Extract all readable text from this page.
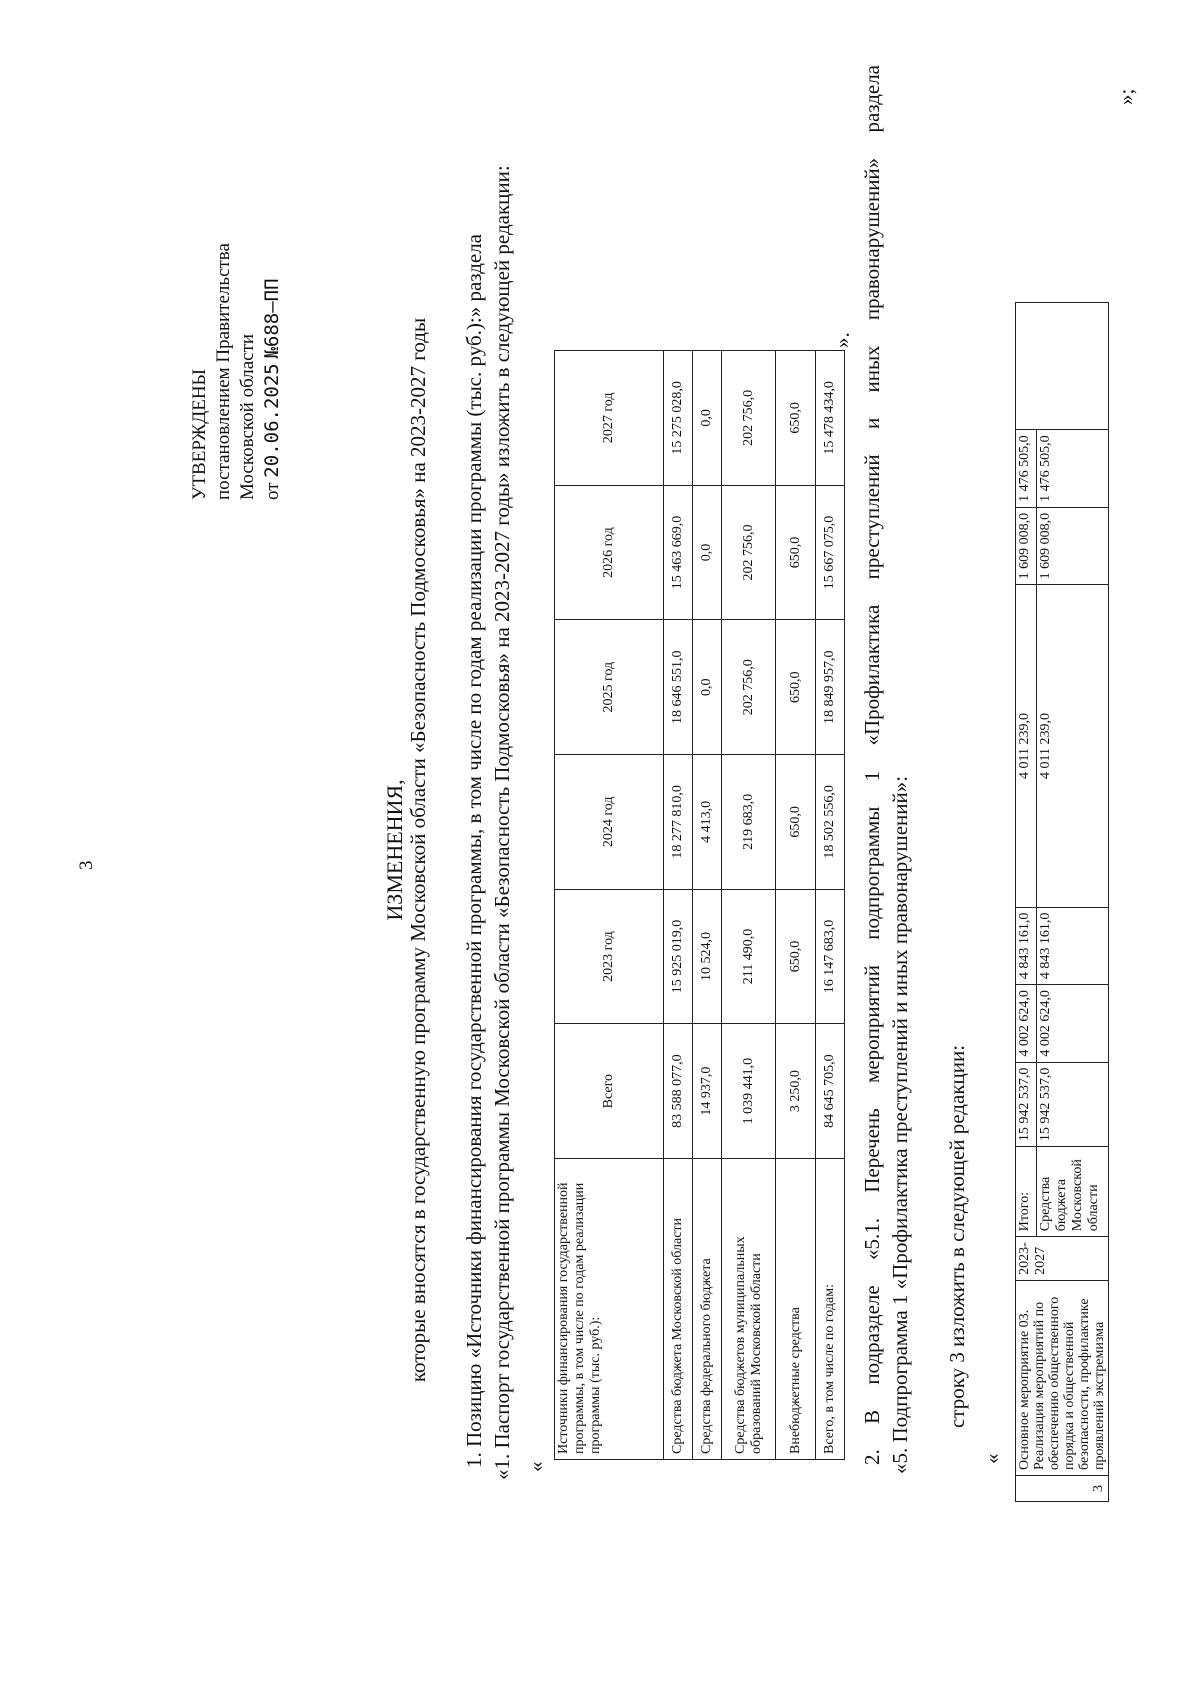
3
УТВЕРЖДЕНЫ постановлением Правительства Московской области от 20.06.2025 №688–ПП
ИЗМЕНЕНИЯ, которые вносятся в государственную программу Московской области «Безопасность Подмосковья» на 2023-2027 годы 1. Позицию «Источники финансирования государственной программы, в том числе по годам реализации программы (тыс. руб.):» раздела «1. Паспорт государственной программы Московской области «Безопасность Подмосковья» на 2023-2027 годы» изложить в следующей редакции: «
Источники финансирования государственной программы, в том числе по годам реализации программы (тыс. руб.):	Всего	2023 год	2024 год	2025 год	2026 год	2027 год
Средства бюджета Московской области	83 588 077,0	15 925 019,0	18 277 810,0	18 646 551,0	15 463 669,0	15 275 028,0
Средства федерального бюджета	14 937,0	10 524,0	4 413,0	0,0	0,0	0,0
Средства бюджетов муниципальных образований Московской области	1 039 441,0	211 490,0	219 683,0	202 756,0	202 756,0	202 756,0
Внебюджетные средства	3 250,0	650,0	650,0	650,0	650,0	650,0
Всего, в том числе по годам:	84 645 705,0	16 147 683,0	18 502 556,0	18 849 957,0	15 667 075,0	15 478 434,0
». 2. В подразделе «5.1. Перечень мероприятий подпрограммы 1 «Профилактика преступлений и иных правонарушений» раздела «5. Подпрограмма 1 «Профилактика преступлений и иных правонарушений»: строку 3 изложить в следующей редакции:
«
3	Основное мероприятие 03. Реализация мероприятий по обеспечению общественного порядка и общественной безопасности, профилактике проявлений экстремизма	2023-2027	Итого:	15 942 537,0	4 002 624,0	4 843 161,0	4 011 239,0	1 609 008,0	1 476 505,0	
			Средства бюджета Московской области	15 942 537,0	4 002 624,0	4 843 161,0	4 011 239,0	1 609 008,0	1 476 505,0	
»;
